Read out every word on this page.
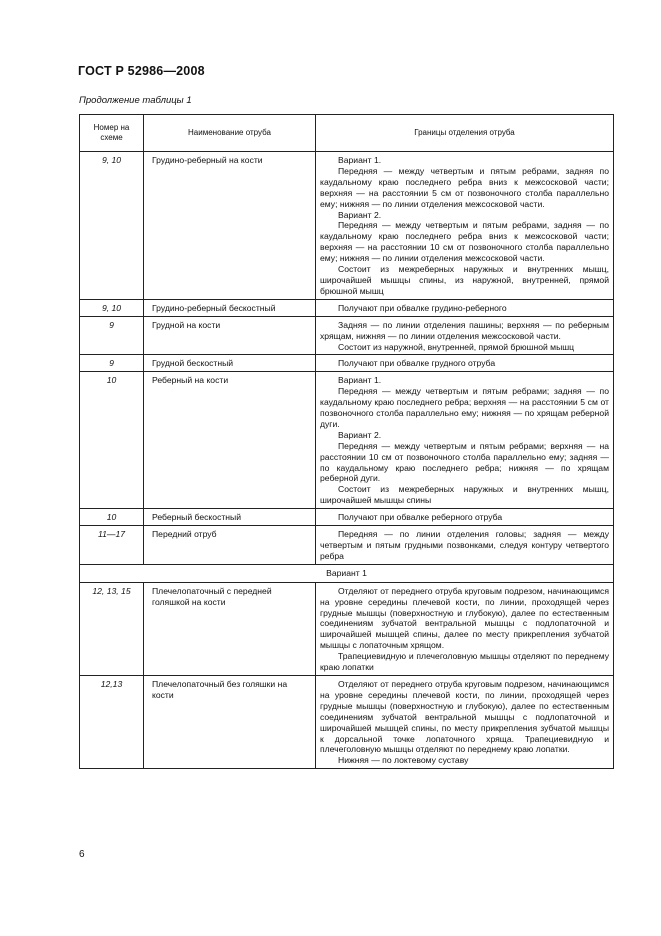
ГОСТ Р 52986—2008
Продолжение таблицы 1
Номер на схеме	Наименование отруба	Границы отделения отруба
9, 10	Грудино-реберный на кости	Вариант 1.

Передняя — между четвертым и пятым ребрами, задняя по каудальному краю последнего ребра вниз к межсосковой части; верхняя — на расстоянии 5 см от позвоночного столба параллельно ему; нижняя — по линии отделения межсосковой части.

Вариант 2.

Передняя — между четвертым и пятым ребрами, задняя — по каудальному краю последнего ребра вниз к межсосковой части; верхняя — на расстоянии 10 см от позвоночного столба параллельно ему; нижняя — по линии отделения межсосковой части.

Состоит из межреберных наружных и внутренних мышц, широчайшей мышцы спины, из наружной, внутренней, прямой брюшной мышц

9, 10	Грудино-реберный бескостный	Получают при обвалке грудино-реберного

9	Грудной на кости	Задняя — по линии отделения пашины; верхняя — по реберным хрящам, нижняя — по линии отделения межсосковой части.

Состоит из наружной, внутренней, прямой брюшной мышц

9	Грудной бескостный	Получают при обвалке грудного отруба

10	Реберный на кости	Вариант 1.

Передняя — между четвертым и пятым ребрами; задняя — по каудальному краю последнего ребра; верхняя — на расстоянии 5 см от позвоночного столба параллельно ему; нижняя — по хрящам реберной дуги.

Вариант 2.

Передняя — между четвертым и пятым ребрами; верхняя — на расстоянии 10 см от позвоночного столба параллельно ему; задняя — по каудальному краю последнего ребра; нижняя — по хрящам реберной дуги.

Состоит из межреберных наружных и внутренних мышц, широчайшей мышцы спины

10	Реберный бескостный	Получают при обвалке реберного отруба

11—17	Передний отруб	Передняя — по линии отделения головы; задняя — между четвертым и пятым грудными позвонками, следуя контуру четвертого ребра

Вариант 1		
12, 13, 15	Плечелопаточный с передней голяшкой на кости	Отделяют от переднего отруба круговым подрезом, начинающимся на уровне середины плечевой кости, по линии, проходящей через грудные мышцы (поверхностную и глубокую), далее по естественным соединениям зубчатой вентральной мышцы с подлопаточной и широчайшей мышцей спины, далее по месту прикрепления зубчатой мышцы с лопаточным хрящом.

Трапециевидную и плечеголовную мышцы отделяют по переднему краю лопатки

12,13	Плечелопаточный без голяшки на кости	Отделяют от переднего отруба круговым подрезом, начинающимся на уровне середины плечевой кости, по линии, проходящей через грудные мышцы (поверхностную и глубокую), далее по естественным соединениям зубчатой вентральной мышцы с подлопаточной и широчайшей мышцей спины, по месту прикрепления зубчатой мышцы к дорсальной точке лопаточного хряща. Трапециевидную и плечеголовную мышцы отделяют по переднему краю лопатки.

Нижняя — по локтевому суставу

6
